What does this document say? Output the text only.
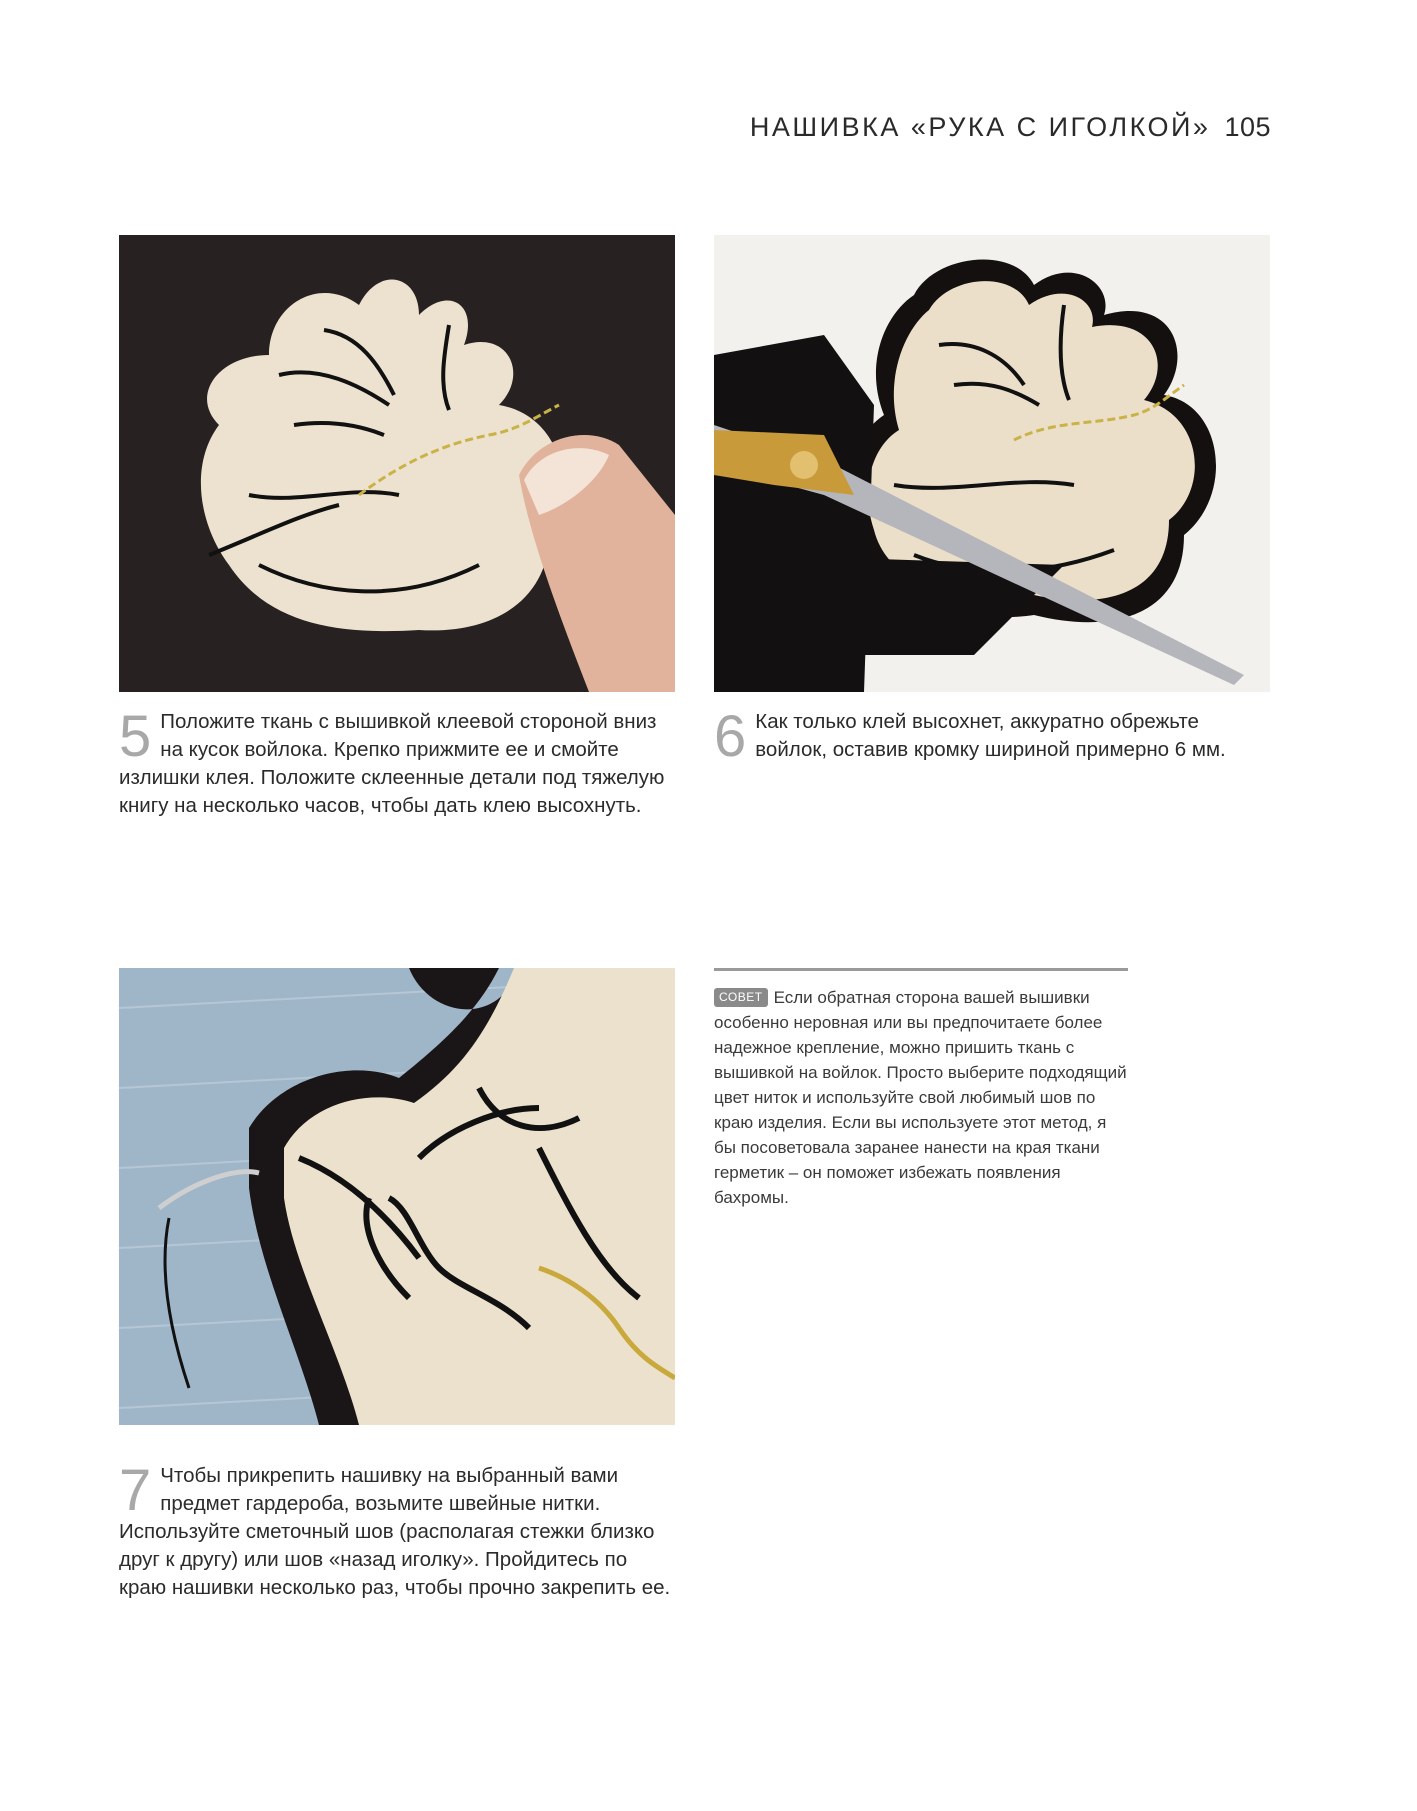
НАШИВКА «РУКА С ИГОЛКОЙ» 105
5 Положите ткань с вышивкой клеевой стороной вниз на кусок войлока. Крепко прижмите ее и смойте излишки клея. Положите склеенные детали под тяжелую книгу на несколько часов, чтобы дать клею высохнуть.
6 Как только клей высохнет, аккуратно обрежьте войлок, оставив кромку шириной примерно 6 мм.
СОВЕТ Если обратная сторона вашей вышивки особенно неровная или вы предпочитаете более надежное крепление, можно пришить ткань с вышивкой на войлок. Просто выберите подходящий цвет ниток и используйте свой любимый шов по краю изделия. Если вы используете этот метод, я бы посоветовала заранее нанести на края ткани герметик – он поможет избежать появления бахромы.
7 Чтобы прикрепить нашивку на выбранный вами предмет гардероба, возьмите швейные нитки. Используйте сметочный шов (располагая стежки близко друг к другу) или шов «назад иголку». Пройдитесь по краю нашивки несколько раз, чтобы прочно закрепить ее.
